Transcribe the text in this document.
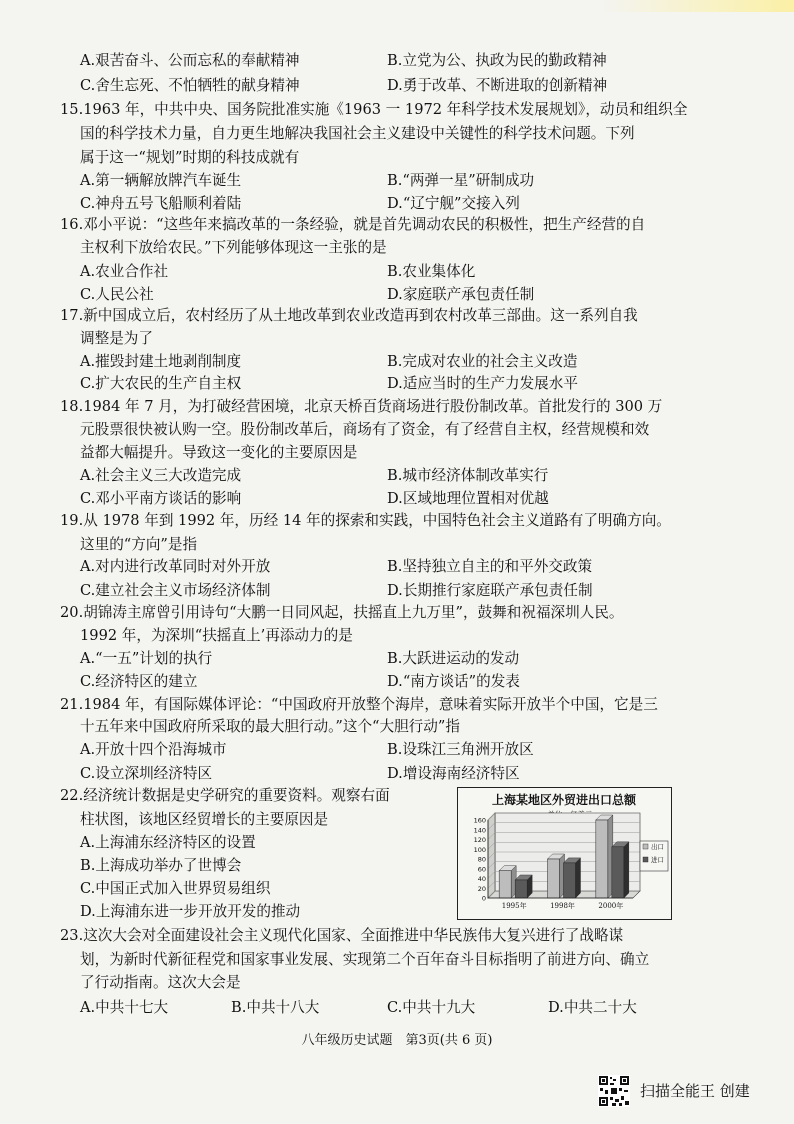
A.艰苦奋斗、公而忘私的奉献精神	B.立党为公、执政为民的勤政精神
C.舍生忘死、不怕牺牲的献身精神	D.勇于改革、不断进取的创新精神
15.1963 年，中共中央、国务院批准实施《1963 一 1972 年科学技术发展规划》，动员和组织全
国的科学技术力量，自力更生地解决我国社会主义建设中关键性的科学技术问题。下列
属于这一“规划”时期的科技成就有
A.第一辆解放牌汽车诞生	B.“两弹一星”研制成功
C.神舟五号飞船顺利着陆	D.“辽宁舰”交接入列
16.邓小平说：“这些年来搞改革的一条经验，就是首先调动农民的积极性，把生产经营的自
主权利下放给农民。”下列能够体现这一主张的是
A.农业合作社	B.农业集体化
C.人民公社	D.家庭联产承包责任制
17.新中国成立后，农村经历了从土地改革到农业改造再到农村改革三部曲。这一系列自我
调整是为了
A.摧毁封建土地剥削制度	B.完成对农业的社会主义改造
C.扩大农民的生产自主权	D.适应当时的生产力发展水平
18.1984 年 7 月，为打破经营困境，北京天桥百货商场进行股份制改革。首批发行的 300 万
元股票很快被认购一空。股份制改革后，商场有了资金，有了经营自主权，经营规模和效
益都大幅提升。导致这一变化的主要原因是
A.社会主义三大改造完成	B.城市经济体制改革实行
C.邓小平南方谈话的影响	D.区域地理位置相对优越
19.从 1978 年到 1992 年，历经 14 年的探索和实践，中国特色社会主义道路有了明确方向。
这里的“方向”是指
A.对内进行改革同时对外开放	B.坚持独立自主的和平外交政策
C.建立社会主义市场经济体制	D.长期推行家庭联产承包责任制
20.胡锦涛主席曾引用诗句“大鹏一日同风起，扶摇直上九万里”，鼓舞和祝福深圳人民。
1992 年，为深圳“扶摇直上’再添动力的是
A.“一五”计划的执行	B.大跃进运动的发动
C.经济特区的建立	D.“南方谈话”的发表
21.1984 年，有国际媒体评论：“中国政府开放整个海岸，意味着实际开放半个中国，它是三
十五年来中国政府所采取的最大胆行动。”这个“大胆行动”指
A.开放十四个沿海城市	B.设珠江三角洲开放区
C.设立深圳经济特区	D.增设海南经济特区
22.经济统计数据是史学研究的重要资料。观察右面
柱状图，该地区经贸增长的主要原因是
A.上海浦东经济特区的设置
B.上海成功举办了世博会
C.中国正式加入世界贸易组织
D.上海浦东进一步开放开发的推动
上海某地区外贸进出口总额
0
20
40
60
80
100
120
140
160
1995年	1998年	2000年
出口
进口
23.这次大会对全面建设社会主义现代化国家、全面推进中华民族伟大复兴进行了战略谋
划，为新时代新征程党和国家事业发展、实现第二个百年奋斗目标指明了前进方向、确立
了行动指南。这次大会是
A.中共十七大	B.中共十八大	C.中共十九大	D.中共二十大
八年级历史试题　第3页(共 6 页)
扫描全能王 创建
